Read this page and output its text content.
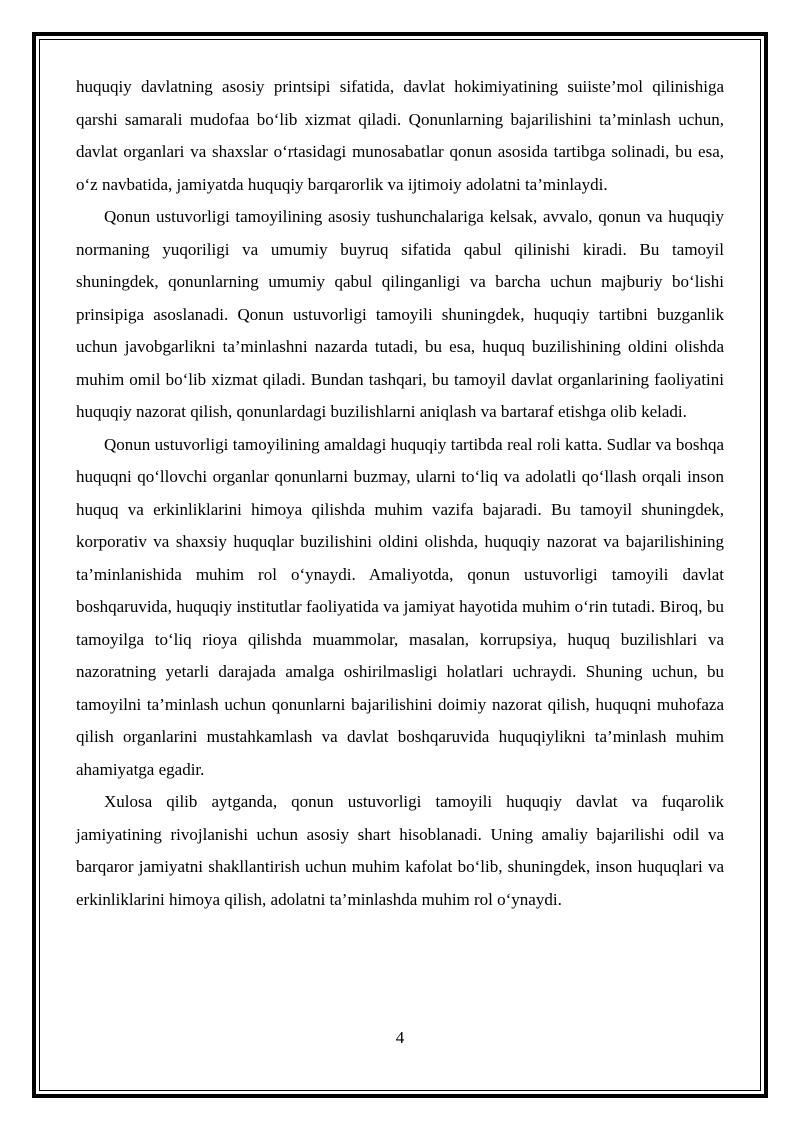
huquqiy davlatning asosiy printsipi sifatida, davlat hokimiyatining suiiste’mol qilinishiga qarshi samarali mudofaa bo‘lib xizmat qiladi. Qonunlarning bajarilishini ta’minlash uchun, davlat organlari va shaxslar o‘rtasidagi munosabatlar qonun asosida tartibga solinadi, bu esa, o‘z navbatida, jamiyatda huquqiy barqarorlik va ijtimoiy adolatni ta’minlaydi.

Qonun ustuvorligi tamoyilining asosiy tushunchalariga kelsak, avvalo, qonun va huquqiy normaning yuqoriligi va umumiy buyruq sifatida qabul qilinishi kiradi. Bu tamoyil shuningdek, qonunlarning umumiy qabul qilinganligi va barcha uchun majburiy bo‘lishi prinsipiga asoslanadi. Qonun ustuvorligi tamoyili shuningdek, huquqiy tartibni buzganlik uchun javobgarlikni ta’minlashni nazarda tutadi, bu esa, huquq buzilishining oldini olishda muhim omil bo‘lib xizmat qiladi. Bundan tashqari, bu tamoyil davlat organlarining faoliyatini huquqiy nazorat qilish, qonunlardagi buzilishlarni aniqlash va bartaraf etishga olib keladi.

Qonun ustuvorligi tamoyilining amaldagi huquqiy tartibda real roli katta. Sudlar va boshqa huquqni qo‘llovchi organlar qonunlarni buzmay, ularni to‘liq va adolatli qo‘llash orqali inson huquq va erkinliklarini himoya qilishda muhim vazifa bajaradi. Bu tamoyil shuningdek, korporativ va shaxsiy huquqlar buzilishini oldini olishda, huquqiy nazorat va bajarilishining ta’minlanishida muhim rol o‘ynaydi. Amaliyotda, qonun ustuvorligi tamoyili davlat boshqaruvida, huquqiy institutlar faoliyatida va jamiyat hayotida muhim o‘rin tutadi. Biroq, bu tamoyilga to‘liq rioya qilishda muammolar, masalan, korrupsiya, huquq buzilishlari va nazoratning yetarli darajada amalga oshirilmasligi holatlari uchraydi. Shuning uchun, bu tamoyilni ta’minlash uchun qonunlarni bajarilishini doimiy nazorat qilish, huquqni muhofaza qilish organlarini mustahkamlash va davlat boshqaruvida huquqiylikni ta’minlash muhim ahamiyatga egadir.

Xulosa qilib aytganda, qonun ustuvorligi tamoyili huquqiy davlat va fuqarolik jamiyatining rivojlanishi uchun asosiy shart hisoblanadi. Uning amaliy bajarilishi odil va barqaror jamiyatni shakllantirish uchun muhim kafolat bo‘lib, shuningdek, inson huquqlari va erkinliklarini himoya qilish, adolatni ta’minlashda muhim rol o‘ynaydi.

4
